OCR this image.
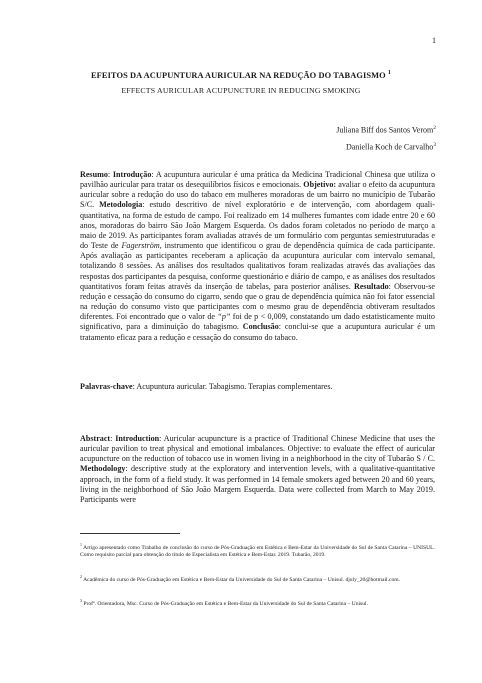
1
EFEITOS DA ACUPUNTURA AURICULAR NA REDUÇÃO DO TABAGISMO $^1$
EFFECTS AURICULAR ACUPUNCTURE IN REDUCING SMOKING
Juliana Biff dos Santos Verom$^2$
Daniella Koch de Carvalho$^3$

Resumo: Introdução: A acupuntura auricular é uma prática da Medicina Tradicional Chinesa que utiliza o pavilhão auricular para tratar os desequilíbrios físicos e emocionais. Objetivo: avaliar o efeito da acupuntura auricular sobre a redução do uso do tabaco em mulheres moradoras de um bairro no município de Tubarão S/C. Metodologia: estudo descritivo de nível exploratório e de intervenção, com abordagem quali-quantitativa, na forma de estudo de campo. Foi realizado em 14 mulheres fumantes com idade entre 20 e 60 anos, moradoras do bairro São João Margem Esquerda. Os dados foram coletados no período de março a maio de 2019. As participantes foram avaliadas através de um formulário com perguntas semiestruturadas e do Teste de Fagerström, instrumento que identificou o grau de dependência química de cada participante. Após avaliação as participantes receberam a aplicação da acupuntura auricular com intervalo semanal, totalizando 8 sessões. As análises dos resultados qualitativos foram realizadas através das avaliações das respostas dos participantes da pesquisa, conforme questionário e diário de campo, e as análises dos resultados quantitativos foram feitas através da inserção de tabelas, para posterior análises. Resultado: Observou-se redução e cessação do consumo do cigarro, sendo que o grau de dependência química não foi fator essencial na redução do consumo visto que participantes com o mesmo grau de dependência obtiveram resultados diferentes. Foi encontrado que o valor de “p” foi de p < 0,009, constatando um dado estatisticamente muito significativo, para a diminuição do tabagismo. Conclusão: conclui-se que a acupuntura auricular é um tratamento eficaz para a redução e cessação do consumo do tabaco.

Palavras-chave: Acupuntura auricular. Tabagismo. Terapias complementares.

Abstract: Introduction: Auricular acupuncture is a practice of Traditional Chinese Medicine that uses the auricular pavilion to treat physical and emotional imbalances. Objective: to evaluate the effect of auricular acupuncture on the reduction of tobacco use in women living in a neighborhood in the city of Tubarão S / C. Methodology: descriptive study at the exploratory and intervention levels, with a qualitative-quantitative approach, in the form of a field study. It was performed in 14 female smokers aged between 20 and 60 years, living in the neighborhood of São João Margem Esquerda. Data were collected from March to May 2019. Participants were

$^1$ Artigo apresentado como Trabalho de conclusão do curso de Pós-Graduação em Estética e Bem-Estar da Universidade do Sul de Santa Catarina – UNISUL. Como requisito parcial para obtenção do título de Especialista em Estética e Bem-Estar. 2019. Tubarão, 2019.

$^2$ Acadêmica do curso de Pós-Graduação em Estética e Bem-Estar da Universidade do Sul de Santa Catarina – Unisul. djuly_20@hotmail.com.

$^3$ Profª. Orientadora, Msc. Curso de Pós-Graduação em Estética e Bem-Estar da Universidade do Sul de Santa Catarina – Unisul.
